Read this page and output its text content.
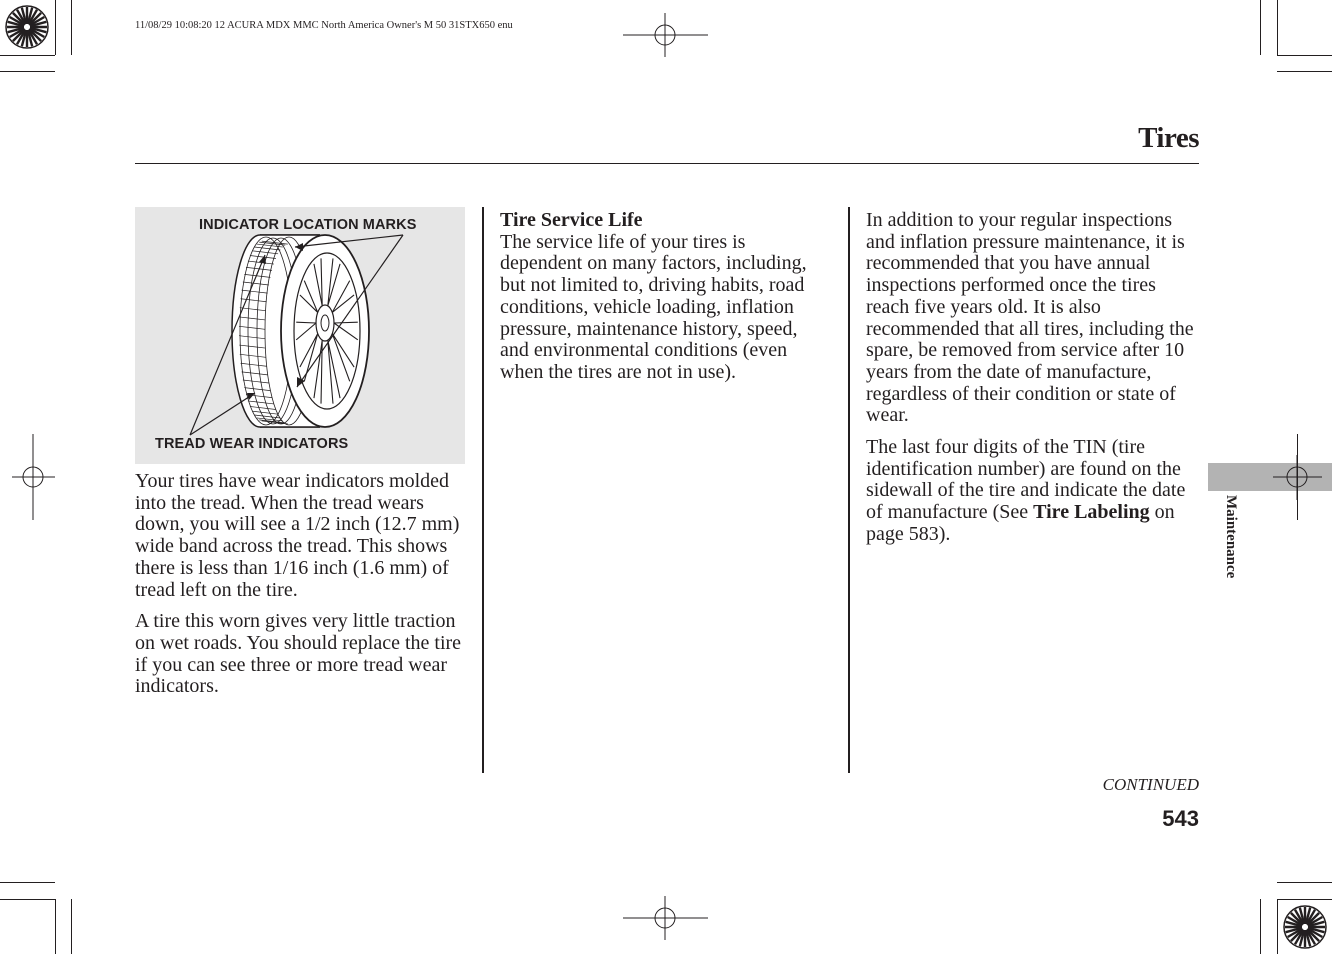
11/08/29 10:08:20 12 ACURA MDX MMC North America Owner's M 50 31STX650 enu
Tires
INDICATOR LOCATION MARKS
TREAD WEAR INDICATORS

Your tires have wear indicators molded into the tread. When the tread wears down, you will see a 1/2 inch (12.7 mm) wide band across the tread. This shows there is less than 1/16 inch (1.6 mm) of tread left on the tire.

A tire this worn gives very little traction on wet roads. You should replace the tire if you can see three or more tread wear indicators.

Tire Service Life

The service life of your tires is dependent on many factors, including, but not limited to, driving habits, road conditions, vehicle loading, inflation pressure, maintenance history, speed, and environmental conditions (even when the tires are not in use).

In addition to your regular inspections and inflation pressure maintenance, it is recommended that you have annual inspections performed once the tires reach five years old. It is also recommended that all tires, including the spare, be removed from service after 10 years from the date of manufacture, regardless of their condition or state of wear.

The last four digits of the TIN (tire identification number) are found on the sidewall of the tire and indicate the date of manufacture (See Tire Labeling on page 583).	Maintenance
CONTINUED
543
